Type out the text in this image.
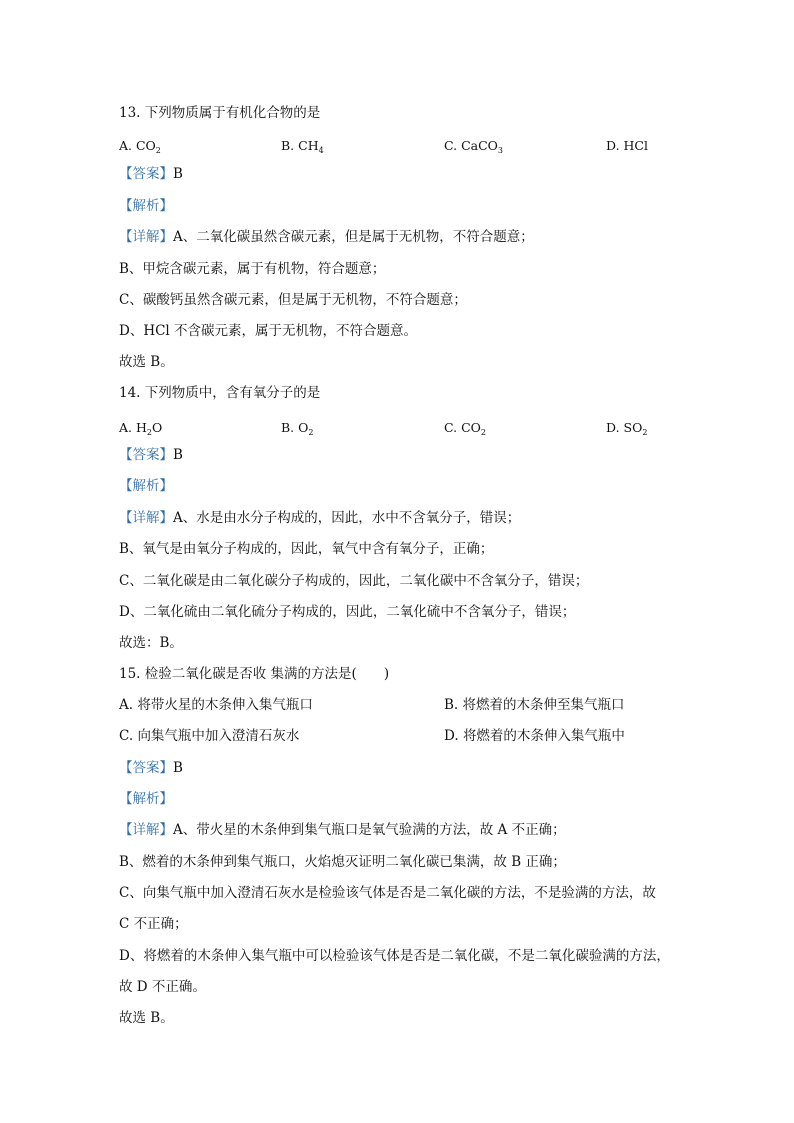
13. 下列物质属于有机化合物的是
A. $CO_2$	B. $CH_4$	C. CaCO$_3$	D. HCl
【答案】B
【解析】
【详解】A、二氧化碳虽然含碳元素，但是属于无机物，不符合题意；
B、甲烷含碳元素，属于有机物，符合题意；
C、碳酸钙虽然含碳元素，但是属于无机物，不符合题意；
D、HCl 不含碳元素，属于无机物，不符合题意。
故选 B。
14. 下列物质中，含有氧分子的是
A. $H_2O$	B. $O_2$	C. $CO_2$	D. $SO_2$
【答案】B
【解析】
【详解】A、水是由水分子构成的，因此，水中不含氧分子，错误；
B、氧气是由氧分子构成的，因此，氧气中含有氧分子，正确；
C、二氧化碳是由二氧化碳分子构成的，因此，二氧化碳中不含氧分子，错误；
D、二氧化硫由二氧化硫分子构成的，因此，二氧化硫中不含氧分子，错误；
故选：B。
15. 检验二氧化碳是否收 集满的方法是(　　)
A. 将带火星的木条伸入集气瓶口	B. 将燃着的木条伸至集气瓶口
C. 向集气瓶中加入澄清石灰水	D. 将燃着的木条伸入集气瓶中
【答案】B
【解析】
【详解】A、带火星的木条伸到集气瓶口是氧气验满的方法，故 A 不正确；
B、燃着的木条伸到集气瓶口，火焰熄灭证明二氧化碳已集满，故 B 正确；
C、向集气瓶中加入澄清石灰水是检验该气体是否是二氧化碳的方法，不是验满的方法，故
C 不正确；
D、将燃着的木条伸入集气瓶中可以检验该气体是否是二氧化碳，不是二氧化碳验满的方法，
故 D 不正确。
故选 B。
